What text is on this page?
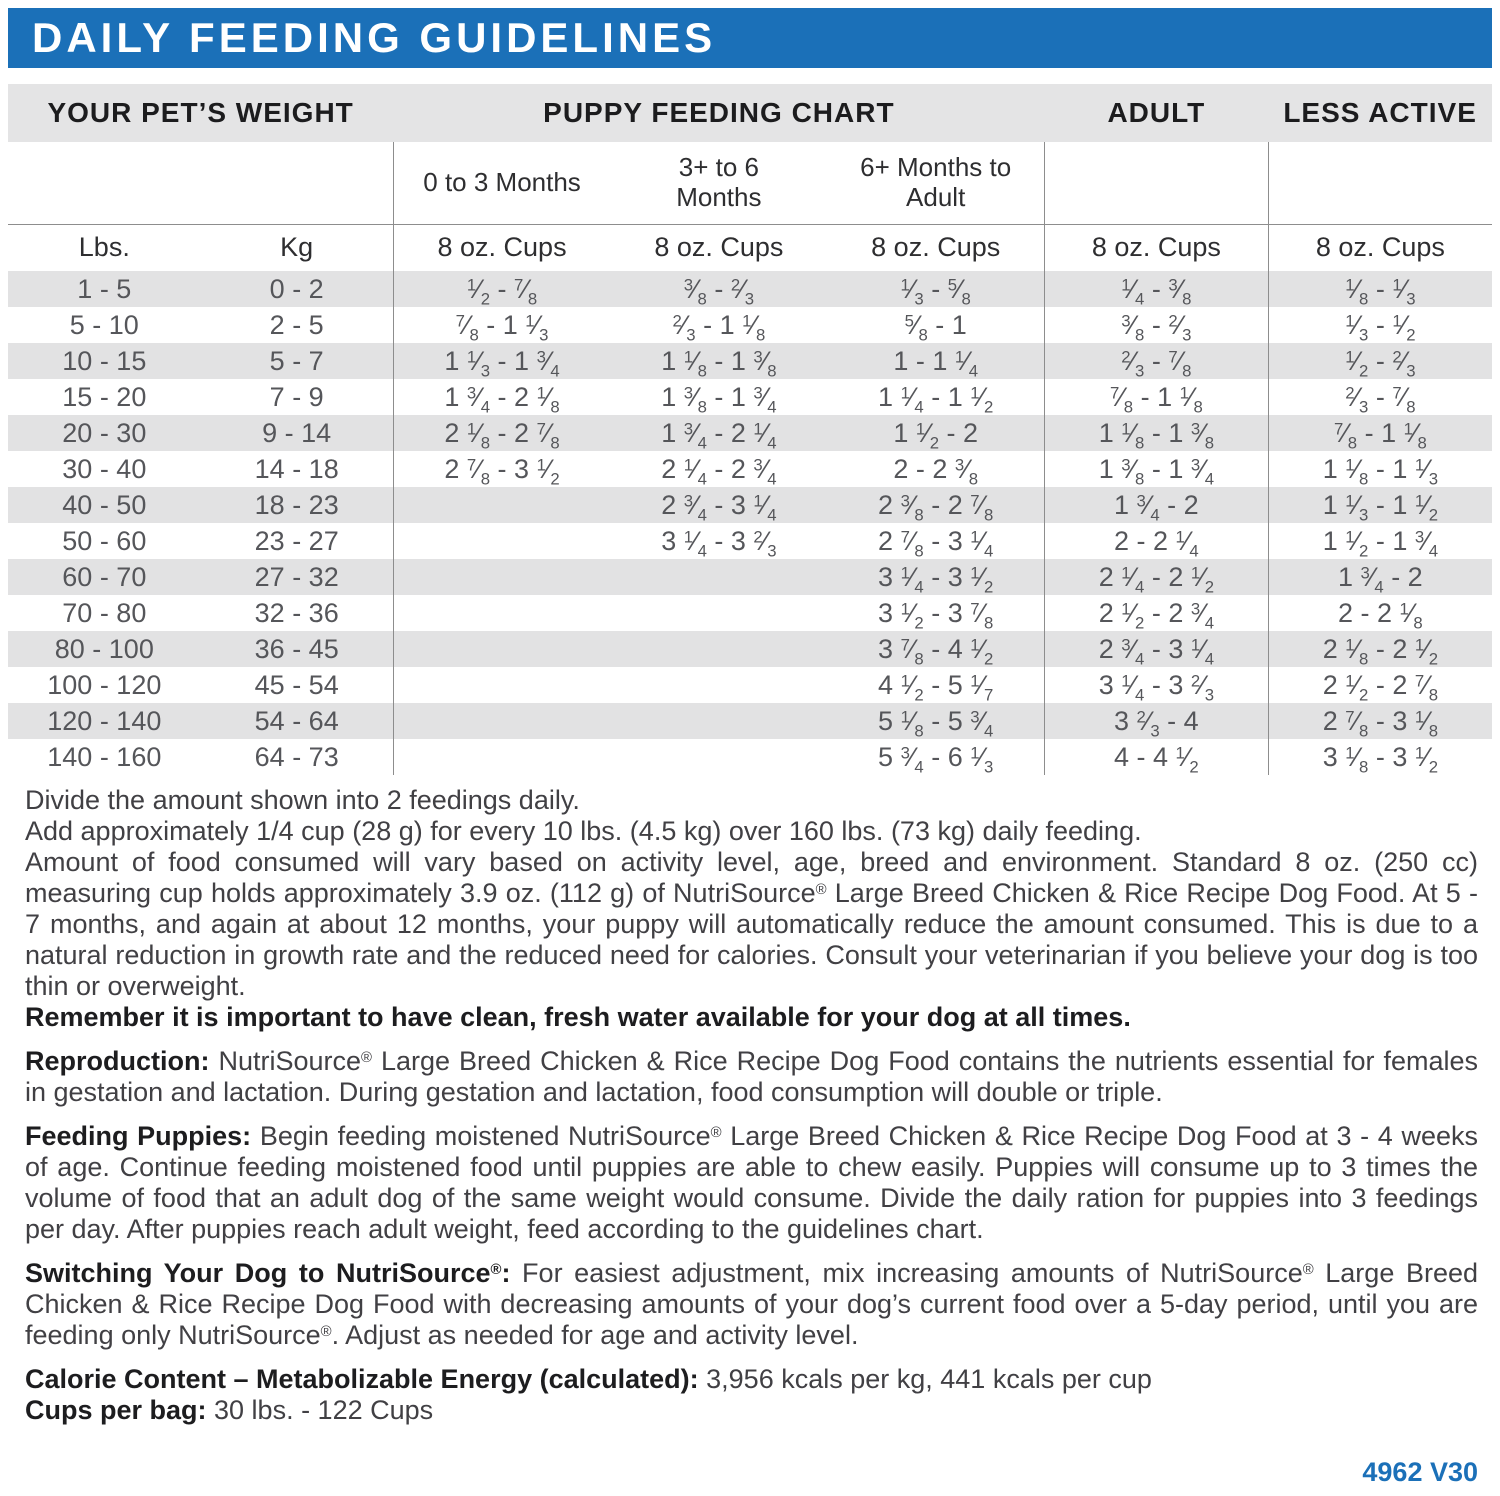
DAILY FEEDING GUIDELINES
YOUR PET’S WEIGHT		PUPPY FEEDING CHART			ADULT	LESS ACTIVE
		0 to 3 Months	3+ to 6 Months	6+ Months to Adult		
Lbs.	Kg	8 oz. Cups	8 oz. Cups	8 oz. Cups	8 oz. Cups	8 oz. Cups
1 - 5	0 - 2	$^1⁄_2$ - $^7⁄_8$	$^3⁄_8$ - $^2⁄_3$	$^1⁄_3$ - $^5⁄_8$	$^1⁄_4$ - $^3⁄_8$	$^1⁄_8$ - $^1⁄_3$
5 - 10	2 - 5	$^7⁄_8 - 1$ $^1⁄_3$	$^2⁄_3 - 1$ $^1⁄_8$	$^5⁄_8 - 1$	$^3⁄_8$ - $^2⁄_3$	$^1⁄_3$ - $^1⁄_2$
10 - 15	5 - 7	1 $^1⁄_3 - 1$ $^3⁄_4$	1 $^1⁄_8 - 1$ $^3⁄_8$	1 - 1 $^1⁄_4$	$^2⁄_3$ - $^7⁄_8$	$^1⁄_2$ - $^2⁄_3$
15 - 20	7 - 9	1 $^3⁄_4 - 2$ $^1⁄_8$	1 $^3⁄_8 - 1$ $^3⁄_4$	1 $^1⁄_4 - 1$ $^1⁄_2$	$^7⁄_8 - 1$ $^1⁄_8$	$^2⁄_3$ - $^7⁄_8$
20 - 30	9 - 14	2 $^1⁄_8 - 2$ $^7⁄_8$	1 $^3⁄_4 - 2$ $^1⁄_4$	1 $^1⁄_2 - 2$	1 $^1⁄_8 - 1$ $^3⁄_8$	$^7⁄_8 - 1$ $^1⁄_8$
30 - 40	14 - 18	2 $^7⁄_8 - 3$ $^1⁄_2$	2 $^1⁄_4 - 2$ $^3⁄_4$	2 - 2 $^3⁄_8$	1 $^3⁄_8 - 1$ $^3⁄_4$	1 $^1⁄_8 - 1$ $^1⁄_3$
40 - 50	18 - 23		2 $^3⁄_4 - 3$ $^1⁄_4$	2 $^3⁄_8 - 2$ $^7⁄_8$	1 $^3⁄_4 - 2$	1 $^1⁄_3 - 1$ $^1⁄_2$
50 - 60	23 - 27		3 $^1⁄_4 - 3$ $^2⁄_3$	2 $^7⁄_8 - 3$ $^1⁄_4$	2 - 2 $^1⁄_4$	1 $^1⁄_2 - 1$ $^3⁄_4$
60 - 70	27 - 32			3 $^1⁄_4 - 3$ $^1⁄_2$	2 $^1⁄_4 - 2$ $^1⁄_2$	1 $^3⁄_4 - 2$
70 - 80	32 - 36			3 $^1⁄_2 - 3$ $^7⁄_8$	2 $^1⁄_2 - 2$ $^3⁄_4$	2 - 2 $^1⁄_8$
80 - 100	36 - 45			3 $^7⁄_8 - 4$ $^1⁄_2$	2 $^3⁄_4 - 3$ $^1⁄_4$	2 $^1⁄_8 - 2$ $^1⁄_2$
100 - 120	45 - 54			4 $^1⁄_2 - 5$ $^1⁄_7$	3 $^1⁄_4 - 3$ $^2⁄_3$	2 $^1⁄_2 - 2$ $^7⁄_8$
120 - 140	54 - 64			5 $^1⁄_8 - 5$ $^3⁄_4$	3 $^2⁄_3 - 4$	2 $^7⁄_8 - 3$ $^1⁄_8$
140 - 160	64 - 73			5 $^3⁄_4 - 6$ $^1⁄_3$	4 - 4 $^1⁄_2$	3 $^1⁄_8 - 3$ $^1⁄_2$

Divide the amount shown into 2 feedings daily.

Add approximately 1/4 cup (28 g) for every 10 lbs. (4.5 kg) over 160 lbs. (73 kg) daily feeding.

Amount of food consumed will vary based on activity level, age, breed and environment. Standard 8 oz. (250 cc) measuring cup holds approximately 3.9 oz. (112 g) of NutriSource® Large Breed Chicken & Rice Recipe Dog Food. At 5 - 7 months, and again at about 12 months, your puppy will automatically reduce the amount consumed. This is due to a natural reduction in growth rate and the reduced need for calories. Consult your veterinarian if you believe your dog is too thin or overweight.

Remember it is important to have clean, fresh water available for your dog at all times.

Reproduction: NutriSource® Large Breed Chicken & Rice Recipe Dog Food contains the nutrients essential for females in gestation and lactation. During gestation and lactation, food consumption will double or triple.

Feeding Puppies: Begin feeding moistened NutriSource® Large Breed Chicken & Rice Recipe Dog Food at 3 - 4 weeks of age. Continue feeding moistened food until puppies are able to chew easily. Puppies will consume up to 3 times the volume of food that an adult dog of the same weight would consume. Divide the daily ration for puppies into 3 feedings per day. After puppies reach adult weight, feed according to the guidelines chart.

Switching Your Dog to NutriSource®: For easiest adjustment, mix increasing amounts of NutriSource® Large Breed Chicken & Rice Recipe Dog Food with decreasing amounts of your dog’s current food over a 5-day period, until you are feeding only NutriSource®. Adjust as needed for age and activity level.

Calorie Content – Metabolizable Energy (calculated): 3,956 kcals per kg, 441 kcals per cup

Cups per bag: 30 lbs. - 122 Cups

4962 V30
